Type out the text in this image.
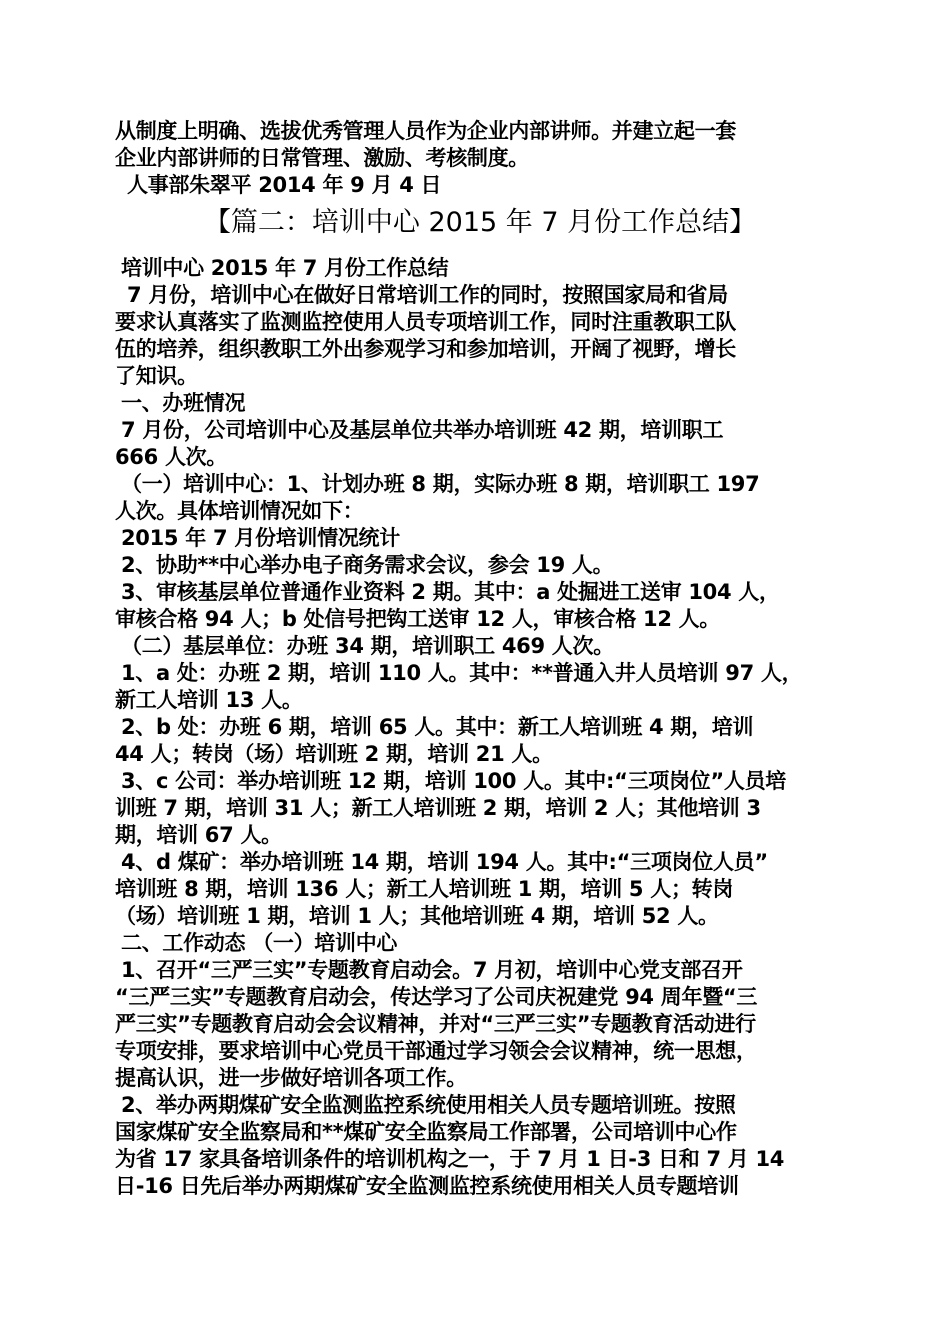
从制度上明确、选拔优秀管理人员作为企业内部讲师。并建立起一套
企业内部讲师的日常管理、激励、考核制度。
人事部朱翠平 2014 年 9 月 4 日
【篇二：培训中心 2015 年 7 月份工作总结】
培训中心 2015 年 7 月份工作总结
7 月份，培训中心在做好日常培训工作的同时，按照国家局和省局
要求认真落实了监测监控使用人员专项培训工作，同时注重教职工队
伍的培养，组织教职工外出参观学习和参加培训，开阔了视野，增长
了知识。
一、办班情况
7 月份，公司培训中心及基层单位共举办培训班 42 期，培训职工
666 人次。
（一）培训中心：1、计划办班 8 期，实际办班 8 期，培训职工 197
人次。具体培训情况如下：
2015 年 7 月份培训情况统计
2、协助**中心举办电子商务需求会议，参会 19 人。
3、审核基层单位普通作业资料 2 期。其中：a 处掘进工送审 104 人，
审核合格 94 人；b 处信号把钩工送审 12 人，审核合格 12 人。
（二）基层单位：办班 34 期，培训职工 469 人次。
1、a 处：办班 2 期，培训 110 人。其中：**普通入井人员培训 97 人，
新工人培训 13 人。
2、b 处：办班 6 期，培训 65 人。其中：新工人培训班 4 期，培训
44 人；转岗（场）培训班 2 期，培训 21 人。
3、c 公司：举办培训班 12 期，培训 100 人。其中:“三项岗位”人员培
训班 7 期，培训 31 人；新工人培训班 2 期，培训 2 人；其他培训 3
期，培训 67 人。
4、d 煤矿：举办培训班 14 期，培训 194 人。其中:“三项岗位人员”
培训班 8 期，培训 136 人；新工人培训班 1 期，培训 5 人；转岗
（场）培训班 1 期，培训 1 人；其他培训班 4 期，培训 52 人。
二、工作动态 （一）培训中心
1、召开“三严三实”专题教育启动会。7 月初，培训中心党支部召开
“三严三实”专题教育启动会，传达学习了公司庆祝建党 94 周年暨“三
严三实”专题教育启动会会议精神，并对“三严三实”专题教育活动进行
专项安排，要求培训中心党员干部通过学习领会会议精神，统一思想，
提高认识，进一步做好培训各项工作。
2、举办两期煤矿安全监测监控系统使用相关人员专题培训班。按照
国家煤矿安全监察局和**煤矿安全监察局工作部署，公司培训中心作
为省 17 家具备培训条件的培训机构之一，于 7 月 1 日-3 日和 7 月 14
日-16 日先后举办两期煤矿安全监测监控系统使用相关人员专题培训
